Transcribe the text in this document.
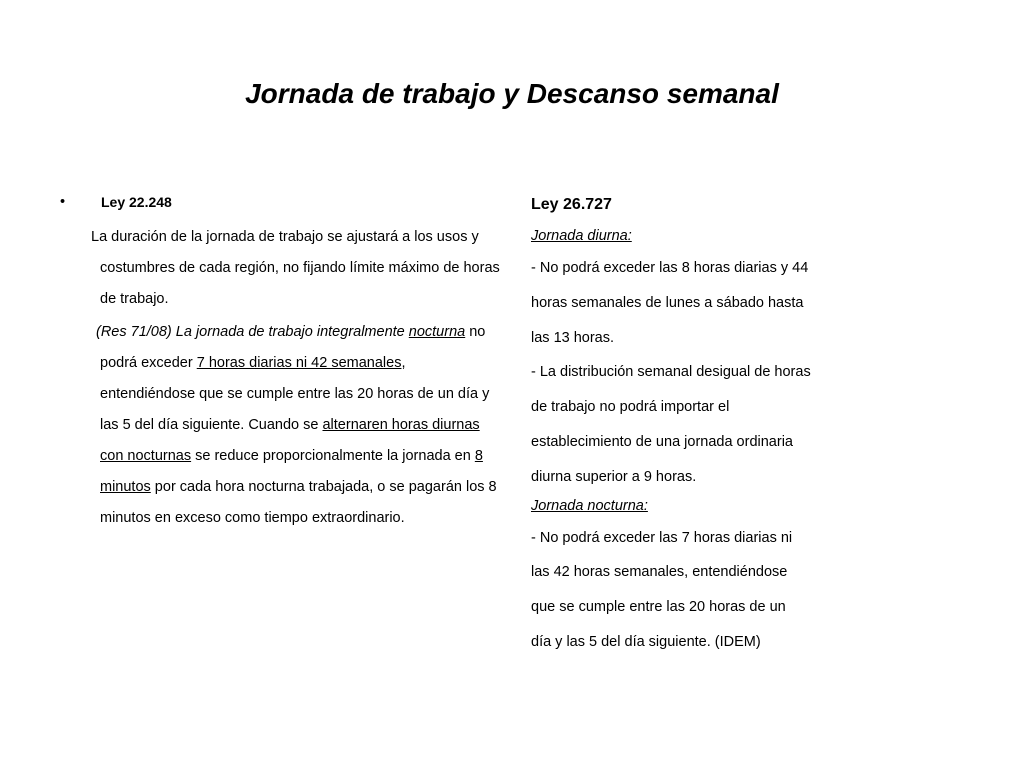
Jornada de trabajo y Descanso semanal
•	Ley 22.248

La duración de la jornada de trabajo se ajustará a los usos y costumbres de cada región, no fijando límite máximo de horas de trabajo.

(Res 71/08) La jornada de trabajo integralmente nocturna no podrá exceder 7 horas diarias ni 42 semanales, entendiéndose que se cumple entre las 20 horas de un día y las 5 del día siguiente. Cuando se alternaren horas diurnas con nocturnas se reduce proporcionalmente la jornada en 8 minutos por cada hora nocturna trabajada, o se pagarán los 8 minutos en exceso como tiempo extraordinario.

Ley 26.727

Jornada diurna:

- No podrá exceder las 8 horas diarias y 44

horas semanales de lunes a sábado hasta

las 13 horas.

- La distribución semanal desigual de horas

de trabajo no podrá importar el

establecimiento de una jornada ordinaria

diurna superior a 9 horas.

Jornada nocturna:

- No podrá exceder las 7 horas diarias ni

las 42 horas semanales, entendiéndose

que se cumple entre las 20 horas de un

día y las 5 del día siguiente. (IDEM)
